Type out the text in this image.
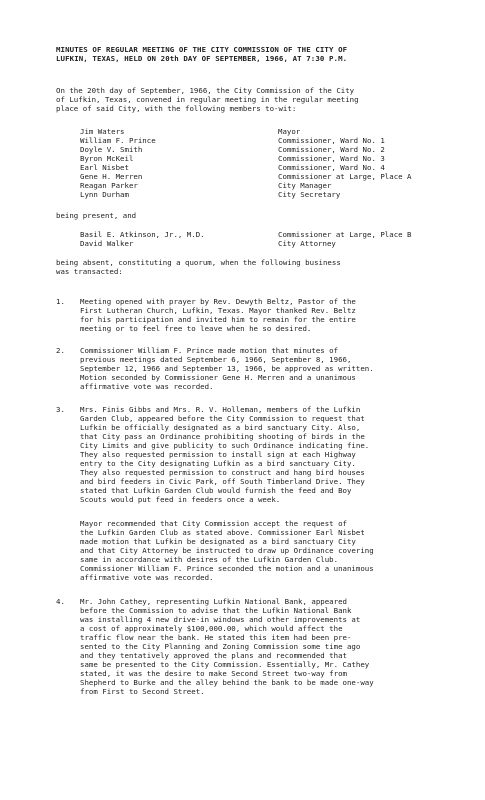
MINUTES OF REGULAR MEETING OF THE CITY COMMISSION OF THE CITY OF
LUFKIN, TEXAS, HELD ON 20th DAY OF SEPTEMBER, 1966, AT 7:30 P.M.
On the 20th day of September, 1966, the City Commission of the City
of Lufkin, Texas, convened in regular meeting in the regular meeting
place of said City, with the following members to-wit:
Jim Waters	Mayor
William F. Prince	Commissioner, Ward No. 1
Doyle V. Smith	Commissioner, Ward No. 2
Byron McKeil	Commissioner, Ward No. 3
Earl Nisbet	Commissioner, Ward No. 4
Gene H. Merren	Commissioner at Large, Place A
Reagan Parker	City Manager
Lynn Durham	City Secretary
being present, and
Basil E. Atkinson, Jr., M.D.	Commissioner at Large, Place B
David Walker	City Attorney
being absent, constituting a quorum, when the following business
was transacted:
1. Meeting opened with prayer by Rev. Dewyth Beltz, Pastor of the
First Lutheran Church, Lufkin, Texas. Mayor thanked Rev. Beltz
for his participation and invited him to remain for the entire
meeting or to feel free to leave when he so desired.
2. Commissioner William F. Prince made motion that minutes of
previous meetings dated September 6, 1966, September 8, 1966,
September 12, 1966 and September 13, 1966, be approved as written.
Motion seconded by Commissioner Gene H. Merren and a unanimous
affirmative vote was recorded.
3. Mrs. Finis Gibbs and Mrs. R. V. Holleman, members of the Lufkin
Garden Club, appeared before the City Commission to request that
Lufkin be officially designated as a bird sanctuary City. Also,
that City pass an Ordinance prohibiting shooting of birds in the
City Limits and give publicity to such Ordinance indicating fine.
They also requested permission to install sign at each Highway
entry to the City designating Lufkin as a bird sanctuary City.
They also requested permission to construct and hang bird houses
and bird feeders in Civic Park, off South Timberland Drive. They
stated that Lufkin Garden Club would furnish the feed and Boy
Scouts would put feed in feeders once a week.
Mayor recommended that City Commission accept the request of
the Lufkin Garden Club as stated above. Commissioner Earl Nisbet
made motion that Lufkin be designated as a bird sanctuary City
and that City Attorney be instructed to draw up Ordinance covering
same in accordance with desires of the Lufkin Garden Club.
Commissioner William F. Prince seconded the motion and a unanimous
affirmative vote was recorded.
4. Mr. John Cathey, representing Lufkin National Bank, appeared
before the Commission to advise that the Lufkin National Bank
was installing 4 new drive-in windows and other improvements at
a cost of approximately $100,000.00, which would affect the
traffic flow near the bank. He stated this item had been pre-
sented to the City Planning and Zoning Commission some time ago
and they tentatively approved the plans and recommended that
same be presented to the City Commission. Essentially, Mr. Cathey
stated, it was the desire to make Second Street two-way from
Shepherd to Burke and the alley behind the bank to be made one-way
from First to Second Street.
